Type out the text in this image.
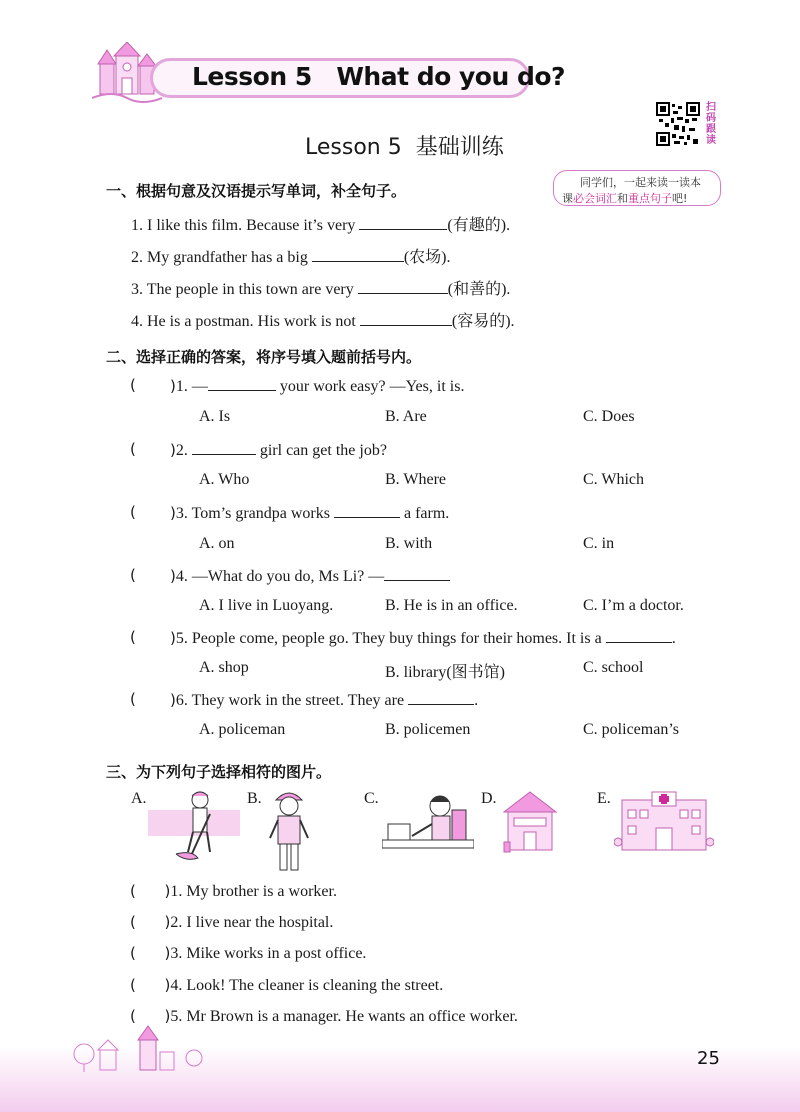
Lesson 5   What do you do?
扫
码
跟
读
同学们，一起来读一读本
课必会词汇和重点句子吧!
Lesson 5  基础训练
一、根据句意及汉语提示写单词，补全句子。
1. I like this film. Because it’s very	(有趣的).
2. My grandfather has a big	(农场).
3. The people in this town are very	(和善的).
4. He is a postman. His work is not	(容易的).
二、选择正确的答案，将序号填入题前括号内。
( )1. —	your work easy? —Yes, it is.
A. Is	B. Are	C. Does
( )2.	girl can get the job?
A. Who	B. Where	C. Which
( )3. Tom’s grandpa works	a farm.
A. on	B. with	C. in
( )4. —What do you do, Ms Li? —
A. I live in Luoyang.	B. He is in an office.	C. I’m a doctor.
( )5. People come, people go. They buy things for their homes. It is a	.
A. shop	B. library(图书馆)	C. school
( )6. They work in the street. They are	.
A. policeman	B. policemen	C. policeman’s
三、为下列句子选择相符的图片。
A.	B.	C.	D.	E.
(      )1. My brother is a worker.
(      )2. I live near the hospital.
(      )3. Mike works in a post office.
(      )4. Look! The cleaner is cleaning the street.
(      )5. Mr Brown is a manager. He wants an office worker.
25
